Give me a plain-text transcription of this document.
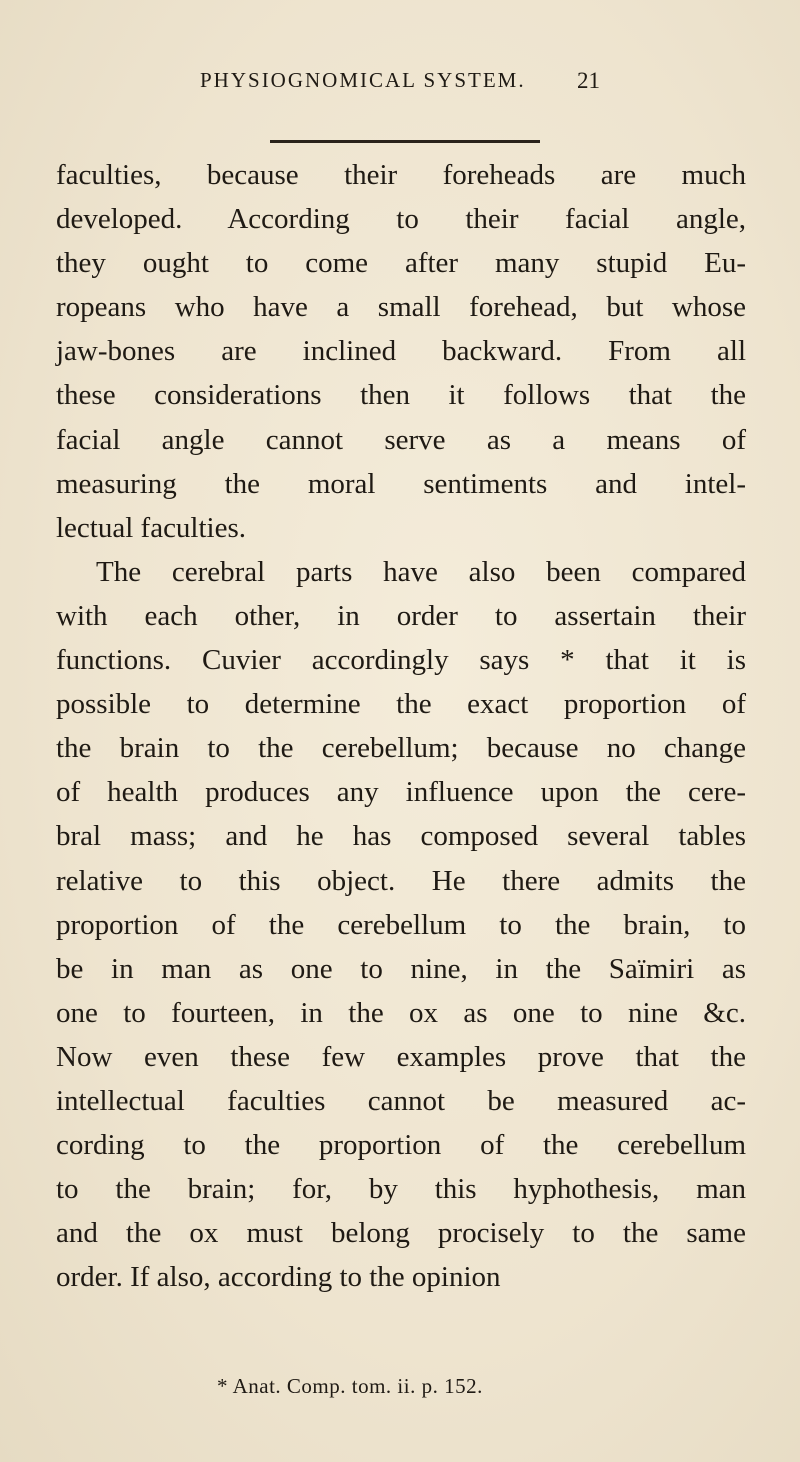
PHYSIOGNOMICAL SYSTEM. 21
faculties, because their foreheads are much
developed. According to their facial angle,
they ought to come after many stupid Eu-
ropeans who have a small forehead, but whose
jaw-bones are inclined backward. From all
these considerations then it follows that the
facial angle cannot serve as a means of
measuring the moral sentiments and intel-
lectual faculties.
The cerebral parts have also been compared
with each other, in order to assertain their
functions. Cuvier accordingly says * that it is
possible to determine the exact proportion of
the brain to the cerebellum; because no change
of health produces any influence upon the cere-
bral mass; and he has composed several tables
relative to this object. He there admits the
proportion of the cerebellum to the brain, to
be in man as one to nine, in the Saïmiri as
one to fourteen, in the ox as one to nine &c.
Now even these few examples prove that the
intellectual faculties cannot be measured ac-
cording to the proportion of the cerebellum
to the brain; for, by this hyphothesis, man
and the ox must belong procisely to the same
order. If also, according to the opinion
* Anat. Comp. tom. ii. p. 152.
